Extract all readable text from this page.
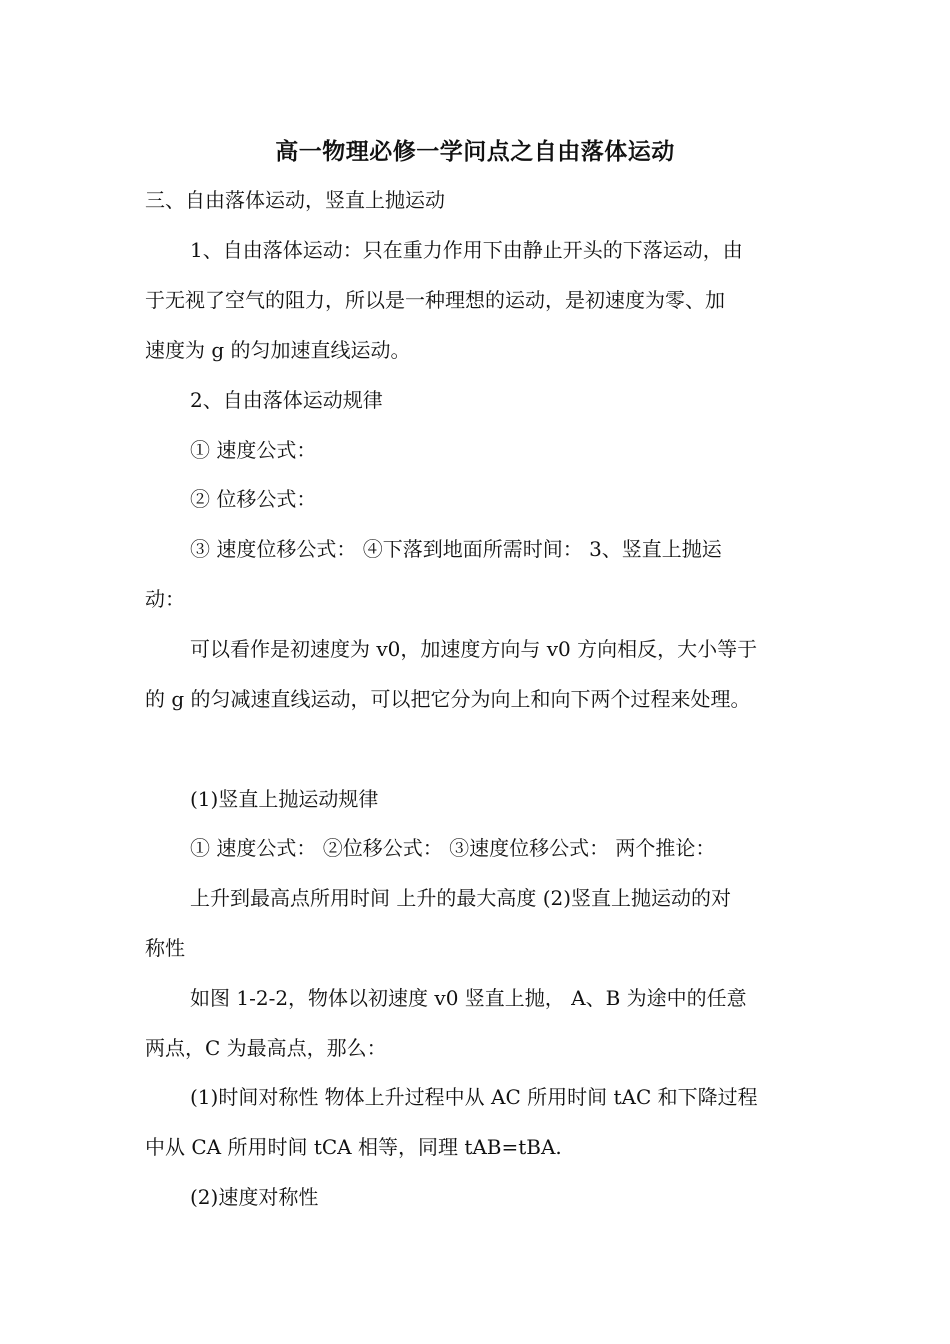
高一物理必修一学问点之自由落体运动

三、自由落体运动，竖直上抛运动

1、自由落体运动：只在重力作用下由静止开头的下落运动，由

于无视了空气的阻力，所以是一种理想的运动，是初速度为零、加

速度为 g 的匀加速直线运动。

2、自由落体运动规律

① 速度公式：

② 位移公式：

③ 速度位移公式： ④下落到地面所需时间： 3、竖直上抛运

动：

可以看作是初速度为 v0，加速度方向与 v0 方向相反，大小等于

的 g 的匀减速直线运动，可以把它分为向上和向下两个过程来处理。

(1)竖直上抛运动规律

① 速度公式： ②位移公式： ③速度位移公式： 两个推论：

上升到最高点所用时间 上升的最大高度 (2)竖直上抛运动的对

称性

如图 1-2-2，物体以初速度 v0 竖直上抛， A、B 为途中的任意

两点，C 为最高点，那么：

(1)时间对称性 物体上升过程中从 AC 所用时间 tAC 和下降过程

中从 CA 所用时间 tCA 相等，同理 tAB=tBA.

(2)速度对称性
